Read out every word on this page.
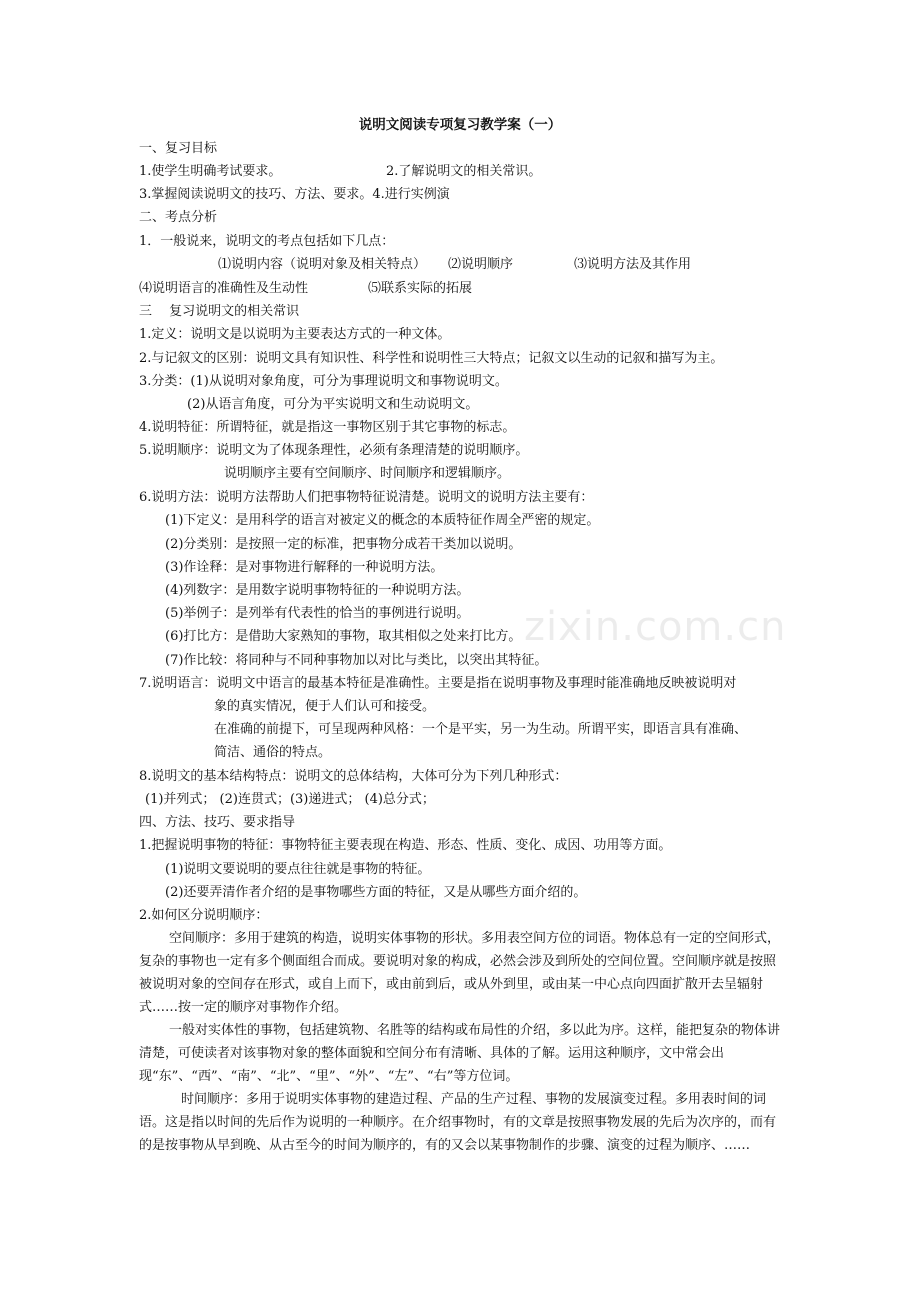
zixin.com.cn
说明文阅读专项复习教学案（一）
一、复习目标
1.使学生明确考试要求。	2.了解说明文的相关常识。
3.掌握阅读说明文的技巧、方法、要求。4.进行实例演
二、考点分析
1．一般说来，说明文的考点包括如下几点：
⑴说明内容（说明对象及相关特点） ⑵说明顺序	⑶说明方法及其作用
⑷说明语言的准确性及生动性	⑸联系实际的拓展
三　 复习说明文的相关常识
1.定义：说明文是以说明为主要表达方式的一种文体。
2.与记叙文的区别：说明文具有知识性、科学性和说明性三大特点；记叙文以生动的记叙和描写为主。
3.分类：(1)从说明对象角度，可分为事理说明文和事物说明文。
(2)从语言角度，可分为平实说明文和生动说明文。
4.说明特征：所谓特征，就是指这一事物区别于其它事物的标志。
5.说明顺序：说明文为了体现条理性，必须有条理清楚的说明顺序。
说明顺序主要有空间顺序、时间顺序和逻辑顺序。
6.说明方法：说明方法帮助人们把事物特征说清楚。说明文的说明方法主要有：
(1)下定义：是用科学的语言对被定义的概念的本质特征作周全严密的规定。
(2)分类别：是按照一定的标准，把事物分成若干类加以说明。
(3)作诠释：是对事物进行解释的一种说明方法。
(4)列数字：是用数字说明事物特征的一种说明方法。
(5)举例子：是列举有代表性的恰当的事例进行说明。
(6)打比方：是借助大家熟知的事物，取其相似之处来打比方。
(7)作比较：将同种与不同种事物加以对比与类比，以突出其特征。
7.说明语言：说明文中语言的最基本特征是准确性。主要是指在说明事物及事理时能准确地反映被说明对
象的真实情况，便于人们认可和接受。
在准确的前提下，可呈现两种风格：一个是平实，另一为生动。所谓平实，即语言具有准确、
简洁、通俗的特点。
8.说明文的基本结构特点：说明文的总体结构，大体可分为下列几种形式：
(1)并列式； (2)连贯式；(3)递进式； (4)总分式；
四、方法、技巧、要求指导
1.把握说明事物的特征：事物特征主要表现在构造、形态、性质、变化、成因、功用等方面。
(1)说明文要说明的要点往往就是事物的特征。
(2)还要弄清作者介绍的是事物哪些方面的特征，又是从哪些方面介绍的。
2.如何区分说明顺序：
空间顺序：多用于建筑的构造，说明实体事物的形状。多用表空间方位的词语。物体总有一定的空间形式，复杂的事物也一定有多个侧面组合而成。要说明对象的构成，必然会涉及到所处的空间位置。空间顺序就是按照被说明对象的空间存在形式，或自上而下，或由前到后，或从外到里，或由某一中心点向四面扩散开去呈辐射式……按一定的顺序对事物作介绍。
一般对实体性的事物，包括建筑物、名胜等的结构或布局性的介绍，多以此为序。这样，能把复杂的物体讲清楚，可使读者对该事物对象的整体面貌和空间分布有清晰、具体的了解。运用这种顺序，文中常会出现“东”、“西”、“南”、“北”、“里”、“外”、“左”、“右”等方位词。
时间顺序：多用于说明实体事物的建造过程、产品的生产过程、事物的发展演变过程。多用表时间的词语。这是指以时间的先后作为说明的一种顺序。在介绍事物时，有的文章是按照事物发展的先后为次序的，而有的是按事物从早到晚、从古至今的时间为顺序的，有的又会以某事物制作的步骤、演变的过程为顺序、……
